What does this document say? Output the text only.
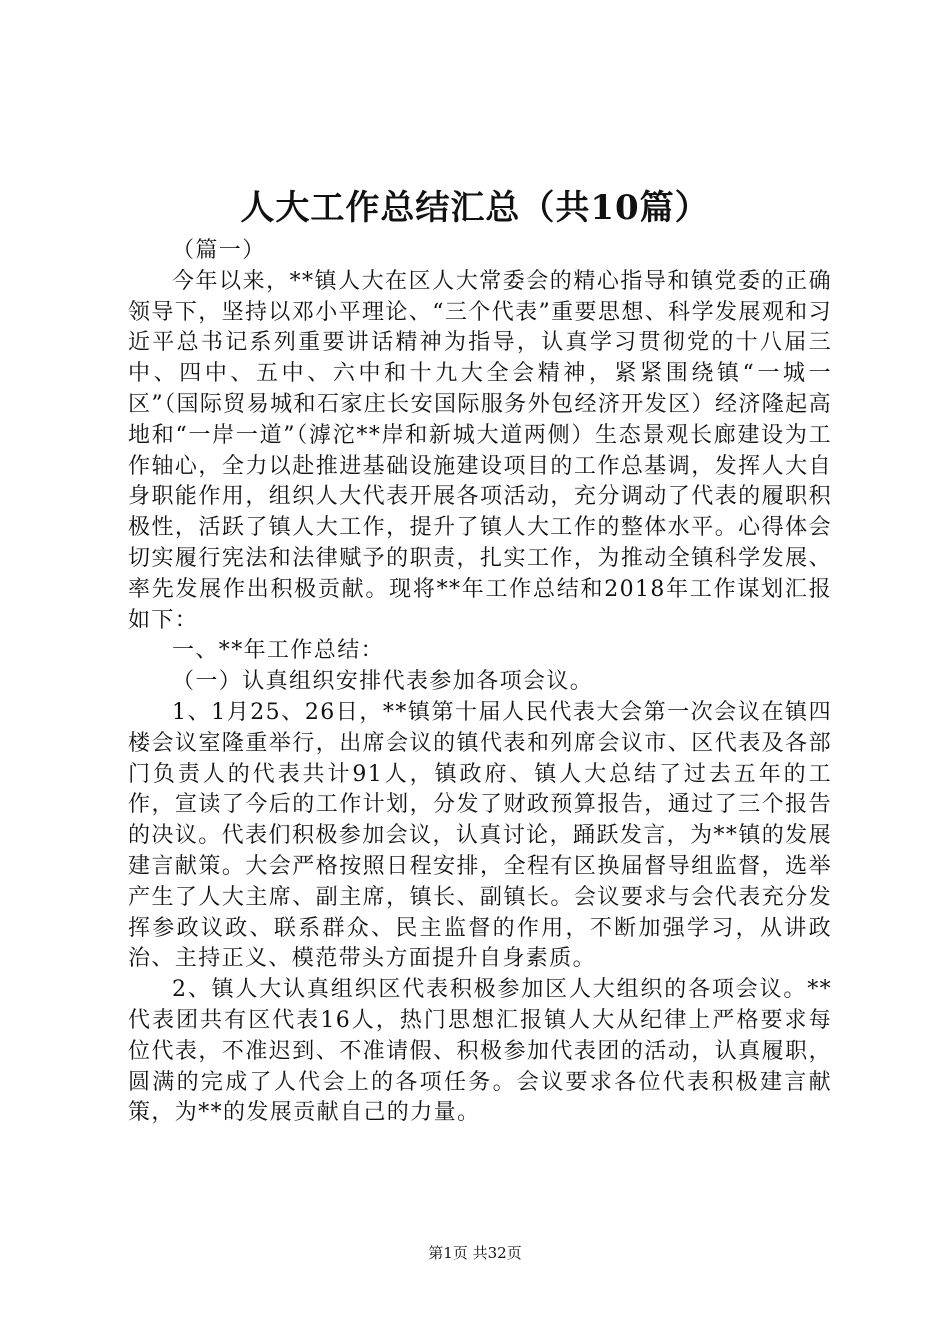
人大工作总结汇总（共10篇）

（篇一）

今年以来，**镇人大在区人大常委会的精心指导和镇党委的正确领导下，坚持以邓小平理论、“三个代表”重要思想、科学发展观和习近平总书记系列重要讲话精神为指导，认真学习贯彻党的十八届三中、四中、五中、六中和十九大全会精神，紧紧围绕镇“一城一区”（国际贸易城和石家庄长安国际服务外包经济开发区）经济隆起高地和“一岸一道”（滹沱**岸和新城大道两侧）生态景观长廊建设为工作轴心，全力以赴推进基础设施建设项目的工作总基调，发挥人大自身职能作用，组织人大代表开展各项活动，充分调动了代表的履职积极性，活跃了镇人大工作，提升了镇人大工作的整体水平。心得体会切实履行宪法和法律赋予的职责，扎实工作，为推动全镇科学发展、率先发展作出积极贡献。现将**年工作总结和2018年工作谋划汇报如下：

一、**年工作总结：

（一）认真组织安排代表参加各项会议。

1、1月25、26日，**镇第十届人民代表大会第一次会议在镇四楼会议室隆重举行，出席会议的镇代表和列席会议市、区代表及各部门负责人的代表共计91人，镇政府、镇人大总结了过去五年的工作，宣读了今后的工作计划，分发了财政预算报告，通过了三个报告的决议。代表们积极参加会议，认真讨论，踊跃发言，为**镇的发展建言献策。大会严格按照日程安排，全程有区换届督导组监督，选举产生了人大主席、副主席，镇长、副镇长。会议要求与会代表充分发挥参政议政、联系群众、民主监督的作用，不断加强学习，从讲政治、主持正义、模范带头方面提升自身素质。

2、镇人大认真组织区代表积极参加区人大组织的各项会议。**代表团共有区代表16人，热门思想汇报镇人大从纪律上严格要求每位代表，不准迟到、不准请假、积极参加代表团的活动，认真履职，圆满的完成了人代会上的各项任务。会议要求各位代表积极建言献策，为**的发展贡献自己的力量。

第1页 共32页
